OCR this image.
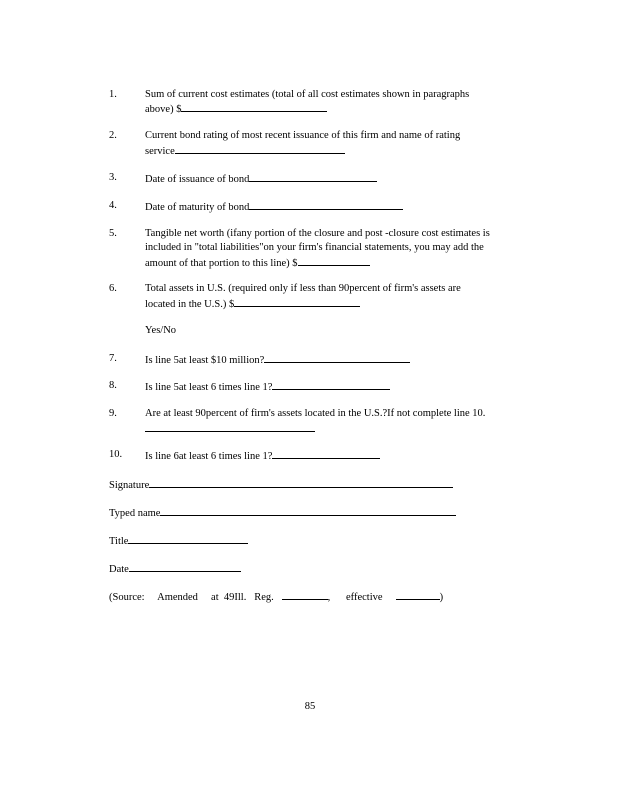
1.	Sum of current cost estimates (total of all cost estimates shown in paragraphs
above) $
2.	Current bond rating of most recent issuance of this firm and name of rating
service
3.	Date of issuance of bond
4.	Date of maturity of bond
5.	Tangible net worth (ifany portion of the closure and post -closure cost estimates is
included in "total liabilities"on your firm's financial statements, you may add the
amount of that portion to this line) $
6.	Total assets in U.S. (required only if less than 90percent of firm's assets are
located in the U.S.) $
Yes/No
7.	Is line 5at least $10 million?
8.	Is line 5at least 6 times line 1?
9.	Are at least 90percent of firm's assets located in the U.S.?If not complete line 10.
10.	Is line 6at least 6 times line 1?
Signature
Typed name
Title
Date
(Source:     Amended     at  49Ill.   Reg.	, effective	)
85
